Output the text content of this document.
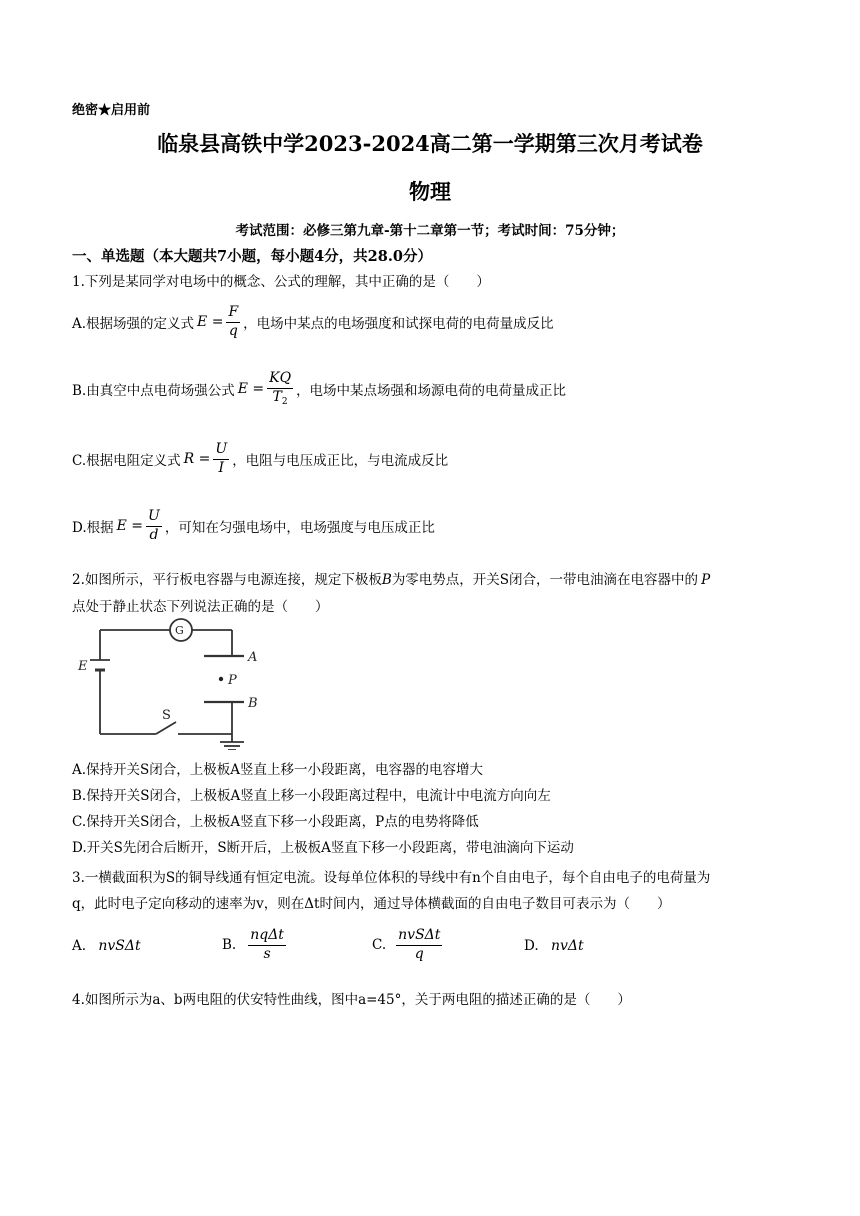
绝密★启用前
临泉县高铁中学2023-2024高二第一学期第三次月考试卷
物理
考试范围：必修三第九章-第十二章第一节；考试时间：75分钟；
一、单选题（本大题共7小题，每小题4分，共28.0分）
1.下列是某同学对电场中的概念、公式的理解，其中正确的是（　　）
A.根据场强的定义式 $E = \frac{F}{q}$ ，电场中某点的电场强度和试探电荷的电荷量成反比
B.由真空中点电荷场强公式 $E = \frac{KQ}{T_2}$ ，电场中某点场强和场源电荷的电荷量成正比
C.根据电阻定义式 $R = \frac{U}{I}$ ，电阻与电压成正比，与电流成反比
D.根据 $E = \frac{U}{d}$ ，可知在匀强电场中，电场强度与电压成正比
2.如图所示，平行板电容器与电源连接，规定下极板B为零电势点，开关S闭合，一带电油滴在电容器中的 P
点处于静止状态下列说法正确的是（　　）
G
E
A
B
P
S
A.保持开关S闭合，上极板A竖直上移一小段距离，电容器的电容增大
B.保持开关S闭合，上极板A竖直上移一小段距离过程中，电流计中电流方向向左
C.保持开关S闭合，上极板A竖直下移一小段距离，P点的电势将降低
D.开关S先闭合后断开，S断开后，上极板A竖直下移一小段距离，带电油滴向下运动
3.一横截面积为S的铜导线通有恒定电流。设每单位体积的导线中有n个自由电子，每个自由电子的电荷量为
q，此时电子定向移动的速率为v，则在Δt时间内，通过导体横截面的自由电子数目可表示为（　　）
A. nvSΔt	B. $\frac{\text{nqΔt}}{s}$	C. $\frac{\text{nvSΔt}}{q}$	D. nvΔt
4.如图所示为a、b两电阻的伏安特性曲线，图中a=45°，关于两电阻的描述正确的是（　　）
